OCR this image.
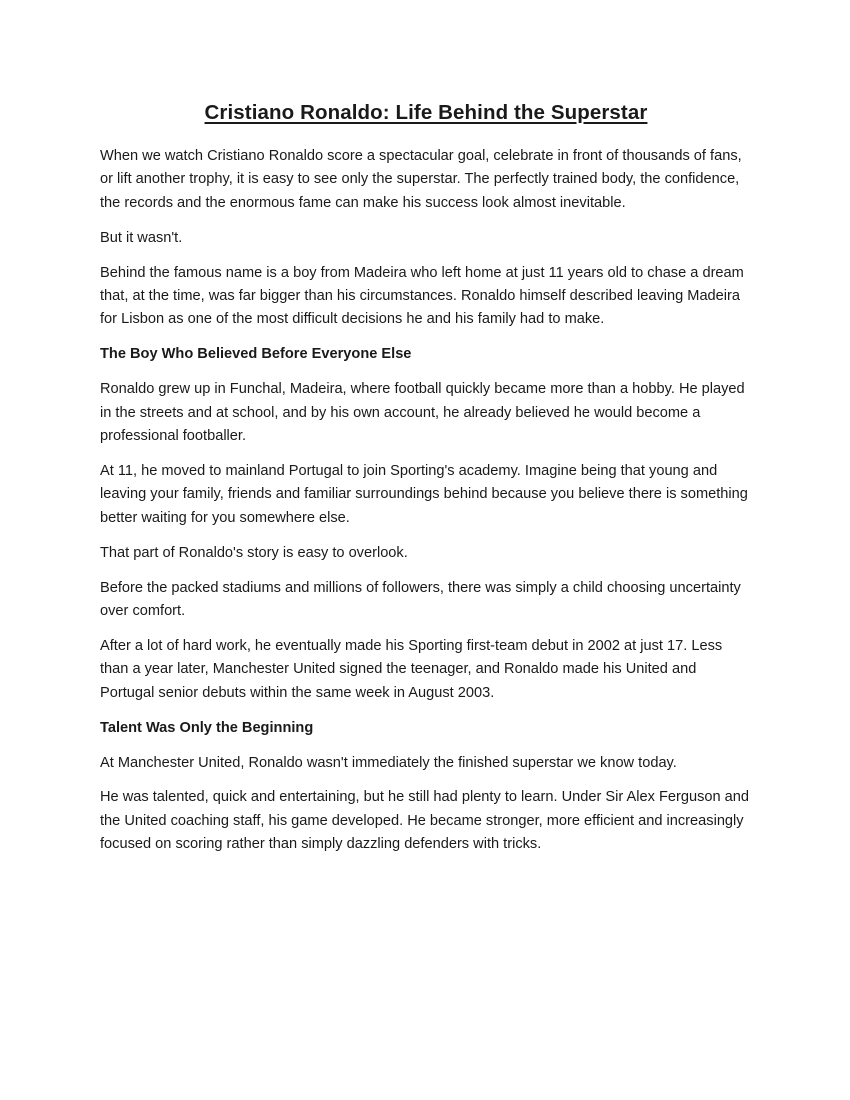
Cristiano Ronaldo: Life Behind the Superstar

When we watch Cristiano Ronaldo score a spectacular goal, celebrate in front of thousands of fans, or lift another trophy, it is easy to see only the superstar. The perfectly trained body, the confidence, the records and the enormous fame can make his success look almost inevitable.

But it wasn't.

Behind the famous name is a boy from Madeira who left home at just 11 years old to chase a dream that, at the time, was far bigger than his circumstances. Ronaldo himself described leaving Madeira for Lisbon as one of the most difficult decisions he and his family had to make.

The Boy Who Believed Before Everyone Else

Ronaldo grew up in Funchal, Madeira, where football quickly became more than a hobby. He played in the streets and at school, and by his own account, he already believed he would become a professional footballer.

At 11, he moved to mainland Portugal to join Sporting's academy. Imagine being that young and leaving your family, friends and familiar surroundings behind because you believe there is something better waiting for you somewhere else.

That part of Ronaldo's story is easy to overlook.

Before the packed stadiums and millions of followers, there was simply a child choosing uncertainty over comfort.

After a lot of hard work, he eventually made his Sporting first-team debut in 2002 at just 17. Less than a year later, Manchester United signed the teenager, and Ronaldo made his United and Portugal senior debuts within the same week in August 2003.

Talent Was Only the Beginning

At Manchester United, Ronaldo wasn't immediately the finished superstar we know today.

He was talented, quick and entertaining, but he still had plenty to learn. Under Sir Alex Ferguson and the United coaching staff, his game developed. He became stronger, more efficient and increasingly focused on scoring rather than simply dazzling defenders with tricks.
